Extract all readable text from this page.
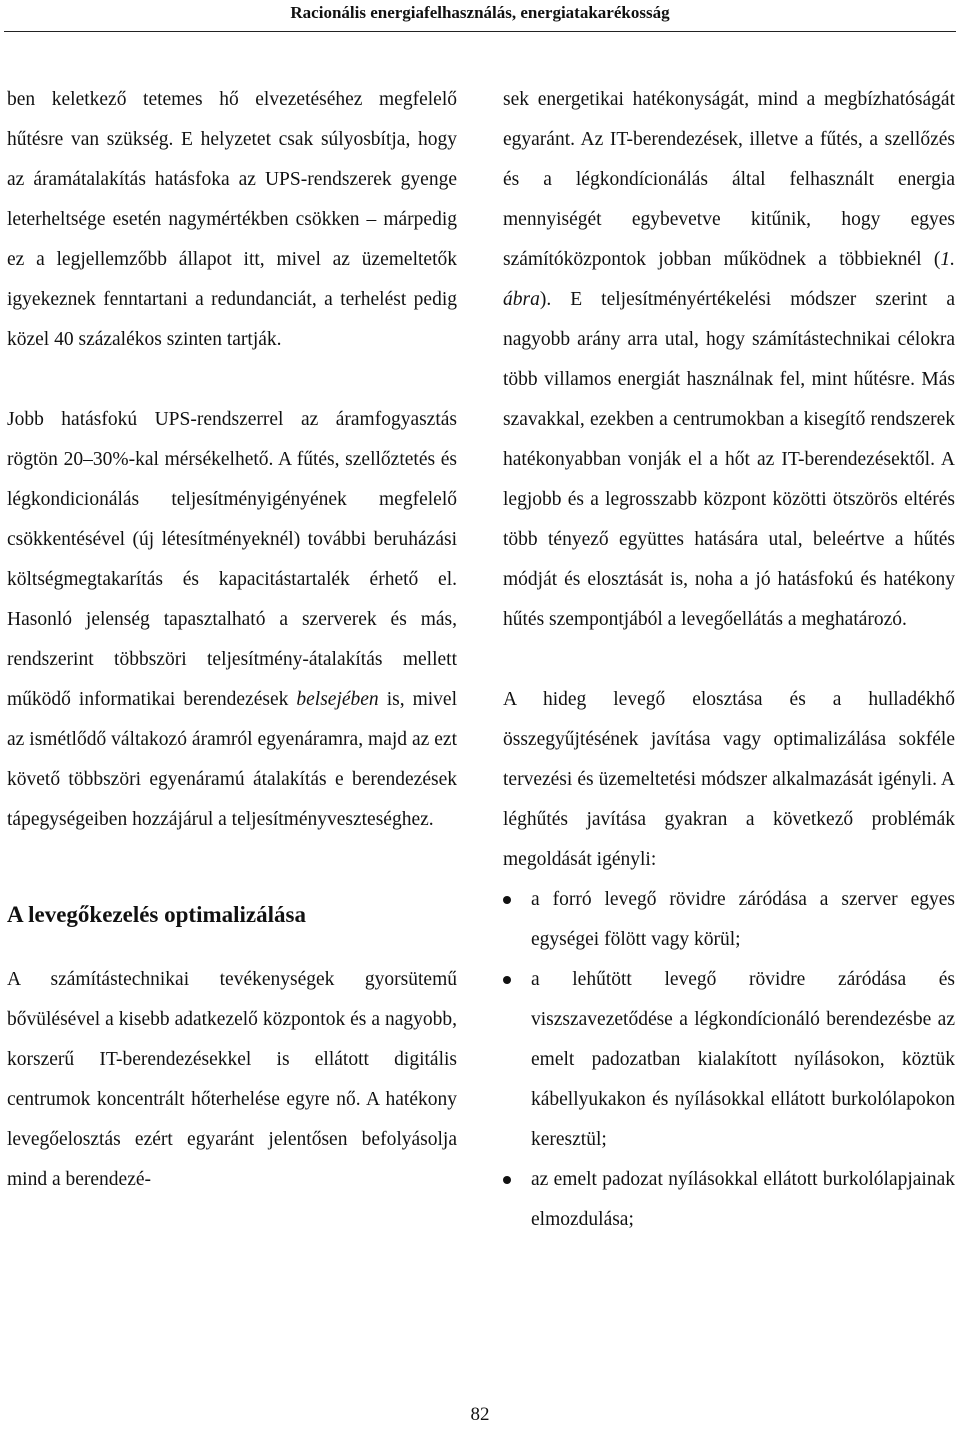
Racionális energiafelhasználás, energiatakarékosság

ben keletkező tetemes hő elvezetéséhez megfelelő hűtésre van szükség. E helyzetet csak súlyosbítja, hogy az áramátalakítás hatásfoka az UPS-rendszerek gyenge leterheltsége esetén nagymértékben csökken – márpedig ez a legjellemzőbb állapot itt, mivel az üzemeltetők igyekeznek fenntartani a redundanciát, a terhelést pedig közel 40 százalékos szinten tartják.

Jobb hatásfokú UPS-rendszerrel az áramfogyasztás rögtön 20–30%-kal mérsékelhető. A fűtés, szellőztetés és légkondicionálás teljesítményigényének megfelelő csökkentésével (új létesítményeknél) további beruházási költségmegtakarítás és kapacitástartalék érhető el. Hasonló jelenség tapasztalható a szerverek és más, rendszerint többszöri teljesítmény-átalakítás mellett működő informatikai berendezések belsejében is, mivel az ismétlődő váltakozó áramról egyenáramra, majd az ezt követő többszöri egyenáramú átalakítás e berendezések tápegységeiben hozzájárul a teljesítményveszteséghez.

A levegőkezelés optimalizálása

A számítástechnikai tevékenységek gyorsütemű bővülésével a kisebb adatkezelő központok és a nagyobb, korszerű IT-berendezésekkel is ellátott digitális centrumok koncentrált hőterhelése egyre nő. A hatékony levegőelosztás ezért egyaránt jelentősen befolyásolja mind a berendezé-

sek energetikai hatékonyságát, mind a megbízhatóságát egyaránt. Az IT-berendezések, illetve a fűtés, a szellőzés és a légkondícionálás által felhasznált energia mennyiségét egybevetve kitűnik, hogy egyes számítóközpontok jobban működnek a többieknél (1. ábra). E teljesítményértékelési módszer szerint a nagyobb arány arra utal, hogy számítástechnikai célokra több villamos energiát használnak fel, mint hűtésre. Más szavakkal, ezekben a centrumokban a kisegítő rendszerek hatékonyabban vonják el a hőt az IT-berendezésektől. A legjobb és a legrosszabb központ közötti ötszörös eltérés több tényező együttes hatására utal, beleértve a hűtés módját és elosztását is, noha a jó hatásfokú és hatékony hűtés szempontjából a levegőellátás a meghatározó.

A hideg levegő elosztása és a hulladékhő összegyűjtésének javítása vagy optimalizálása sokféle tervezési és üzemeltetési módszer alkalmazását igényli. A léghűtés javítása gyakran a következő problémák megoldását igényli:

a forró levegő rövidre záródása a szerver egyes egységei fölött vagy körül;
a lehűtött levegő rövidre záródása és viszszavezetődése a légkondícionáló berendezésbe az emelt padozatban kialakított nyílásokon, köztük kábellyukakon és nyílásokkal ellátott burkolólapokon keresztül;
az emelt padozat nyílásokkal ellátott burkolólapjainak elmozdulása;
82
